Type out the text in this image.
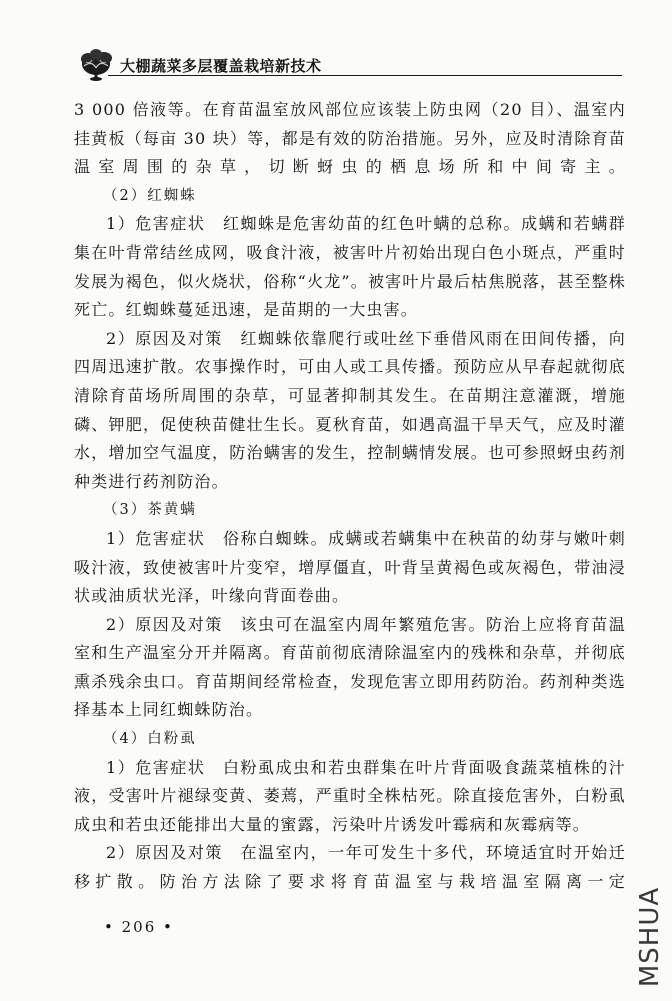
大棚蔬菜多层覆盖栽培新技术

3 000 倍液等。在育苗温室放风部位应该装上防虫网（20 目）、温室内挂黄板（每亩 30 块）等，都是有效的防治措施。另外，应及时清除育苗温室周围的杂草，切断蚜虫的栖息场所和中间寄主。

（2）红蜘蛛

1）危害症状　红蜘蛛是危害幼苗的红色叶螨的总称。成螨和若螨群集在叶背常结丝成网，吸食汁液，被害叶片初始出现白色小斑点，严重时发展为褐色，似火烧状，俗称“火龙”。被害叶片最后枯焦脱落，甚至整株死亡。红蜘蛛蔓延迅速，是苗期的一大虫害。

2）原因及对策　红蜘蛛依靠爬行或吐丝下垂借风雨在田间传播，向四周迅速扩散。农事操作时，可由人或工具传播。预防应从早春起就彻底清除育苗场所周围的杂草，可显著抑制其发生。在苗期注意灌溉，增施磷、钾肥，促使秧苗健壮生长。夏秋育苗，如遇高温干旱天气，应及时灌水，增加空气温度，防治螨害的发生，控制螨情发展。也可参照蚜虫药剂种类进行药剂防治。

（3）茶黄螨

1）危害症状　俗称白蜘蛛。成螨或若螨集中在秧苗的幼芽与嫩叶刺吸汁液，致使被害叶片变窄，增厚僵直，叶背呈黄褐色或灰褐色，带油浸状或油质状光泽，叶缘向背面卷曲。

2）原因及对策　该虫可在温室内周年繁殖危害。防治上应将育苗温室和生产温室分开并隔离。育苗前彻底清除温室内的残株和杂草，并彻底熏杀残余虫口。育苗期间经常检查，发现危害立即用药防治。药剂种类选择基本上同红蜘蛛防治。

（4）白粉虱

1）危害症状　白粉虱成虫和若虫群集在叶片背面吸食蔬菜植株的汁液，受害叶片褪绿变黄、萎蔫，严重时全株枯死。除直接危害外，白粉虱成虫和若虫还能排出大量的蜜露，污染叶片诱发叶霉病和灰霉病等。

2）原因及对策　在温室内，一年可发生十多代，环境适宜时开始迁移扩散。防治方法除了要求将育苗温室与栽培温室隔离一定

• 206 •	MSHUA
